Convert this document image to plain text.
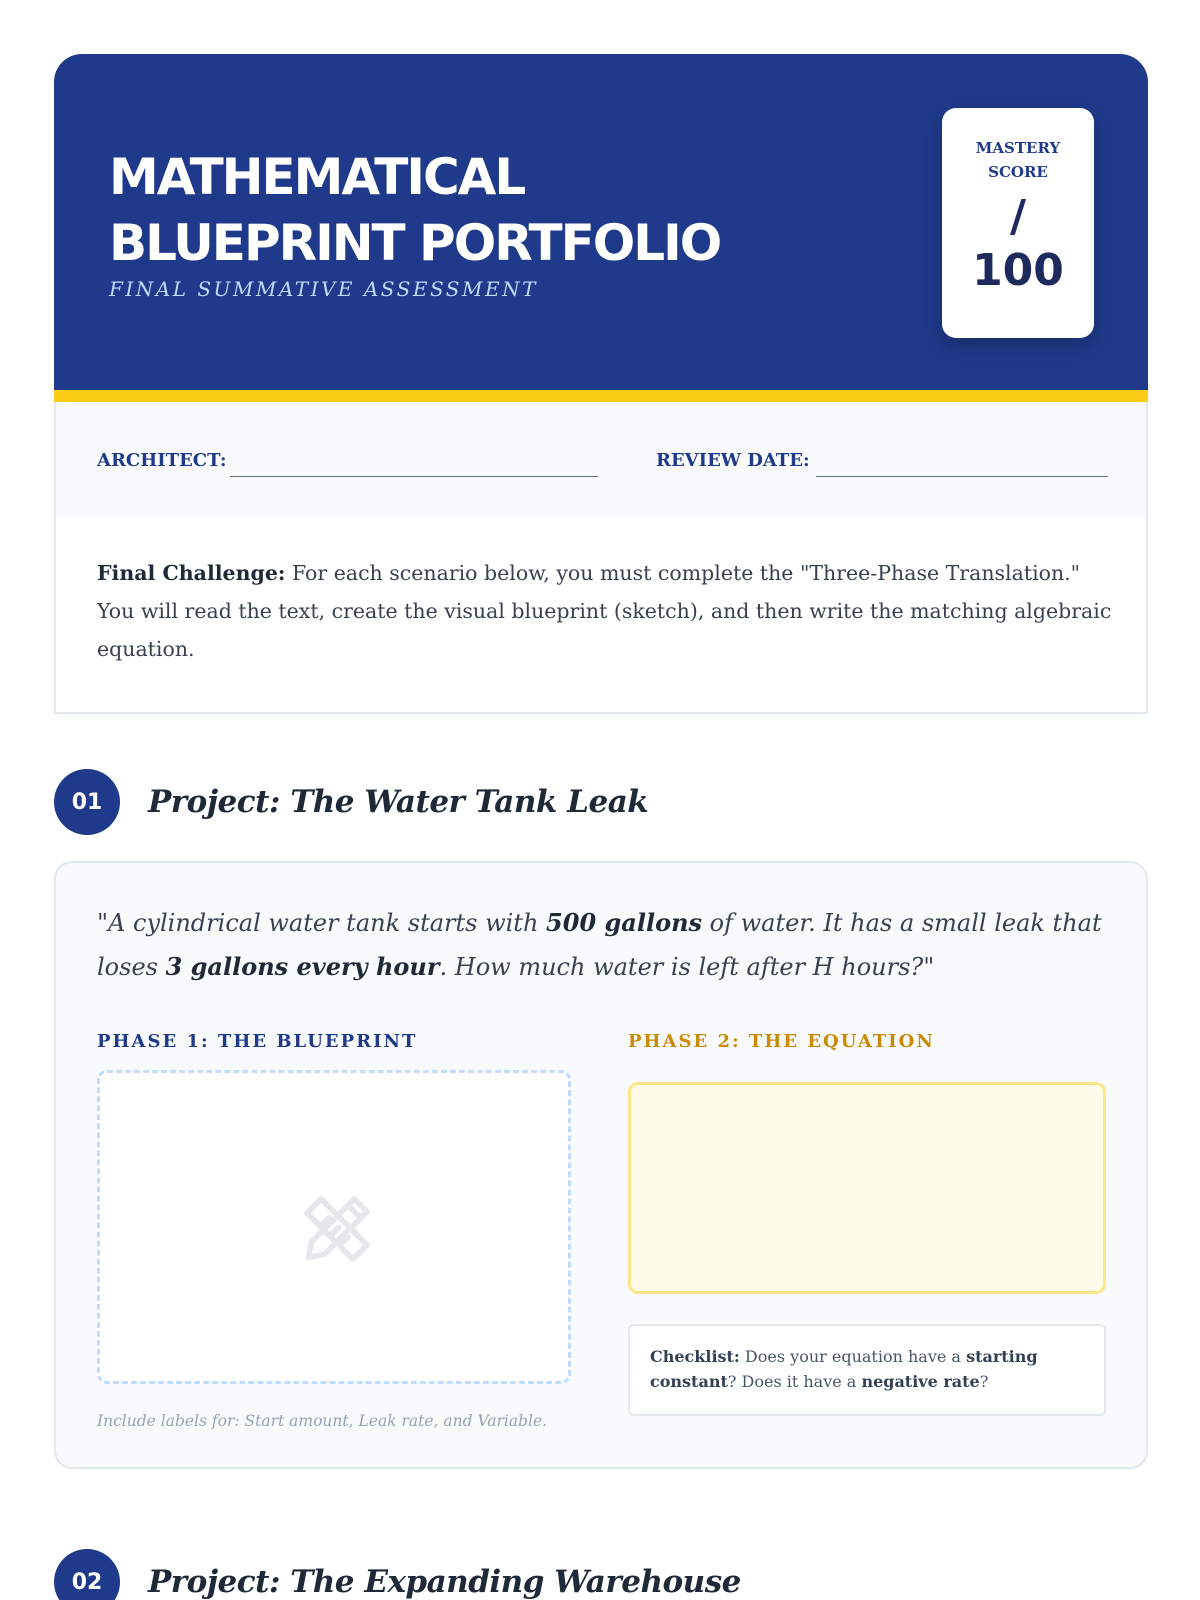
MATHEMATICAL
BLUEPRINT PORTFOLIO
FINAL SUMMATIVE ASSESSMENT
MASTERY
SCORE
/
100
ARCHITECT:	REVIEW DATE:

Final Challenge: For each scenario below, you must complete the "Three-Phase Translation." You will read the text, create the visual blueprint (sketch), and then write the matching algebraic equation.

01	Project: The Water Tank Leak

"A cylindrical water tank starts with 500 gallons of water. It has a small leak that loses 3 gallons every hour. How much water is left after H hours?"

PHASE 1: THE BLUEPRINT	PHASE 2: THE EQUATION
Include labels for: Start amount, Leak rate, and Variable.
Checklist: Does your equation have a starting constant? Does it have a negative rate?
02	Project: The Expanding Warehouse
